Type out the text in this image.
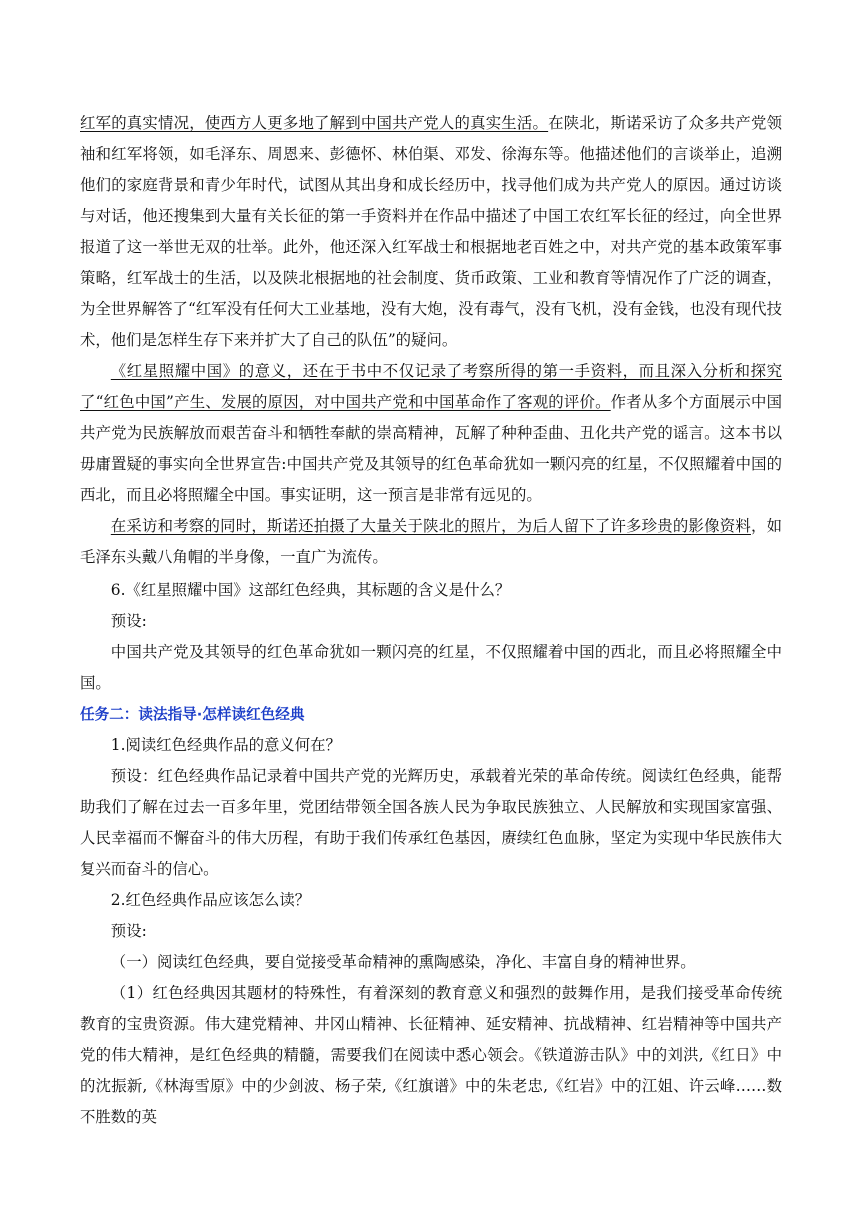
红军的真实情况，使西方人更多地了解到中国共产党人的真实生活。在陕北，斯诺采访了众多共产党领袖和红军将领，如毛泽东、周恩来、彭德怀、林伯渠、邓发、徐海东等。他描述他们的言谈举止，追溯他们的家庭背景和青少年时代，试图从其出身和成长经历中，找寻他们成为共产党人的原因。通过访谈与对话，他还搜集到大量有关长征的第一手资料并在作品中描述了中国工农红军长征的经过，向全世界报道了这一举世无双的壮举。此外，他还深入红军战士和根据地老百姓之中，对共产党的基本政策军事策略，红军战士的生活，以及陕北根据地的社会制度、货币政策、工业和教育等情况作了广泛的调查，为全世界解答了“红军没有任何大工业基地，没有大炮，没有毒气，没有飞机，没有金钱，也没有现代技术，他们是怎样生存下来并扩大了自己的队伍”的疑问。

《红星照耀中国》的意义，还在于书中不仅记录了考察所得的第一手资料，而且深入分析和探究了“红色中国”产生、发展的原因，对中国共产党和中国革命作了客观的评价。作者从多个方面展示中国共产党为民族解放而艰苦奋斗和牺牲奉献的崇高精神，瓦解了种种歪曲、丑化共产党的谣言。这本书以毋庸置疑的事实向全世界宣告:中国共产党及其领导的红色革命犹如一颗闪亮的红星，不仅照耀着中国的西北，而且必将照耀全中国。事实证明，这一预言是非常有远见的。

在采访和考察的同时，斯诺还拍摄了大量关于陕北的照片，为后人留下了许多珍贵的影像资料，如毛泽东头戴八角帽的半身像，一直广为流传。

6.《红星照耀中国》这部红色经典，其标题的含义是什么？

预设:

中国共产党及其领导的红色革命犹如一颗闪亮的红星，不仅照耀着中国的西北，而且必将照耀全中国。

任务二：读法指导·怎样读红色经典

1.阅读红色经典作品的意义何在？

预设：红色经典作品记录着中国共产党的光辉历史，承载着光荣的革命传统。阅读红色经典，能帮助我们了解在过去一百多年里，党团结带领全国各族人民为争取民族独立、人民解放和实现国家富强、人民幸福而不懈奋斗的伟大历程，有助于我们传承红色基因，赓续红色血脉，坚定为实现中华民族伟大复兴而奋斗的信心。

2.红色经典作品应该怎么读？

预设:

（一）阅读红色经典，要自觉接受革命精神的熏陶感染，净化、丰富自身的精神世界。

（1）红色经典因其题材的特殊性，有着深刻的教育意义和强烈的鼓舞作用，是我们接受革命传统教育的宝贵资源。伟大建党精神、井冈山精神、长征精神、延安精神、抗战精神、红岩精神等中国共产党的伟大精神，是红色经典的精髓，需要我们在阅读中悉心领会。《铁道游击队》中的刘洪,《红日》中的沈振新,《林海雪原》中的少剑波、杨子荣,《红旗谱》中的朱老忠,《红岩》中的江姐、许云峰……数不胜数的英
